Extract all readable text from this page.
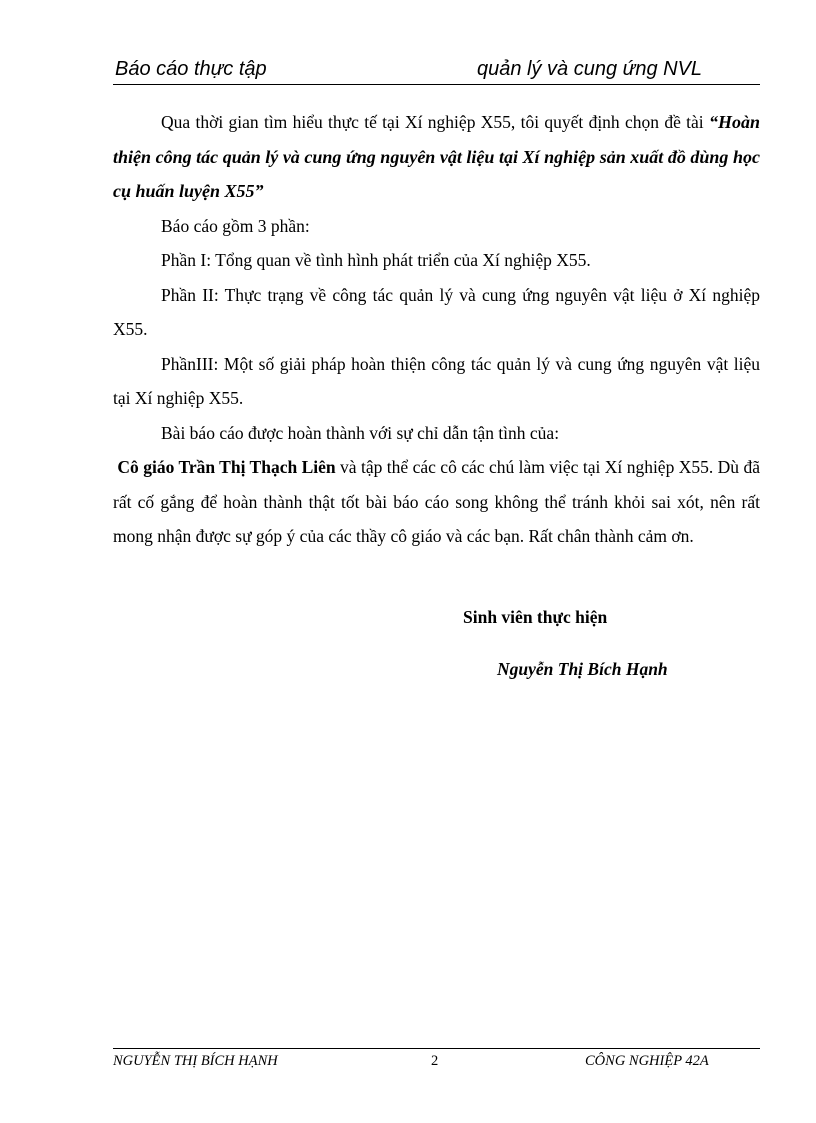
Báo cáo thực tập	quản lý và cung ứng NVL

Qua thời gian tìm hiểu thực tế tại Xí nghiệp X55, tôi quyết định chọn đề tài “Hoàn thiện công tác quản lý và cung ứng nguyên vật liệu tại Xí nghiệp sản xuất đồ dùng học cụ huấn luyện X55”

Báo cáo gồm 3 phần:

Phần I: Tổng quan về tình hình phát triển của Xí nghiệp X55.

Phần II: Thực trạng về công tác quản lý và cung ứng nguyên vật liệu ở Xí nghiệp X55.

PhầnIII: Một số giải pháp hoàn thiện công tác quản lý và cung ứng nguyên vật liệu tại Xí nghiệp X55.

Bài báo cáo được hoàn thành với sự chỉ dẫn tận tình của:

Cô giáo Trần Thị Thạch Liên và tập thể các cô các chú làm việc tại Xí nghiệp X55. Dù đã rất cố gắng để hoàn thành thật tốt bài báo cáo song không thể tránh khỏi sai xót, nên rất mong nhận được sự góp ý của các thầy cô giáo và các bạn. Rất chân thành cảm ơn.

Sinh viên thực hiện
Nguyễn Thị Bích Hạnh
NGUYỄN THỊ BÍCH HẠNH	2	CÔNG NGHIỆP 42A
